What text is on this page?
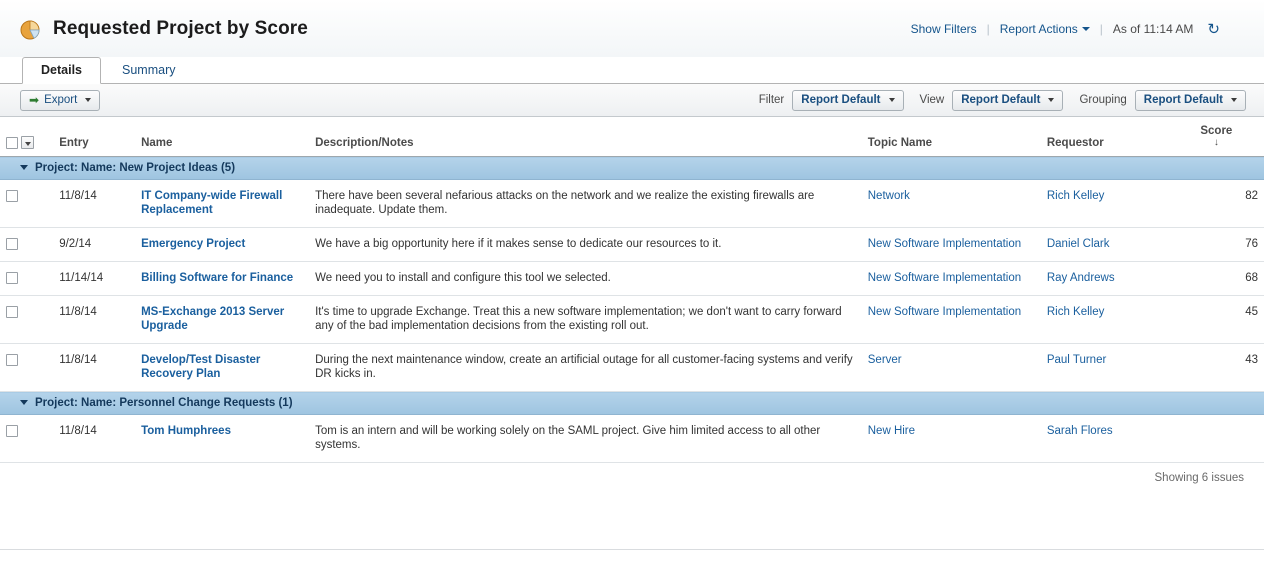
Requested Project by Score	Show Filters | Report Actions	| As of 11:14 AM ↻
Details	Summary
➡ Export	Filter Report Default	View Report Default	Grouping Report Default
	Entry	Name	Description/Notes	Topic Name	Requestor	Score
↓

Project: Name: New Project Ideas (5)						
	11/8/14	IT Company-wide Firewall Replacement	There have been several nefarious attacks on the network and we realize the existing firewalls are inadequate. Update them.	Network	Rich Kelley	82
	9/2/14	Emergency Project	We have a big opportunity here if it makes sense to dedicate our resources to it.	New Software Implementation	Daniel Clark	76
	11/14/14	Billing Software for Finance	We need you to install and configure this tool we selected.	New Software Implementation	Ray Andrews	68
	11/8/14	MS-Exchange 2013 Server Upgrade	It's time to upgrade Exchange. Treat this a new software implementation; we don't want to carry forward any of the bad implementation decisions from the existing roll out.	New Software Implementation	Rich Kelley	45
	11/8/14	Develop/Test Disaster Recovery Plan	During the next maintenance window, create an artificial outage for all customer-facing systems and verify DR kicks in.	Server	Paul Turner	43
Project: Name: Personnel Change Requests (1)						
	11/8/14	Tom Humphrees	Tom is an intern and will be working solely on the SAML project. Give him limited access to all other systems.	New Hire	Sarah Flores	
Showing 6 issues
